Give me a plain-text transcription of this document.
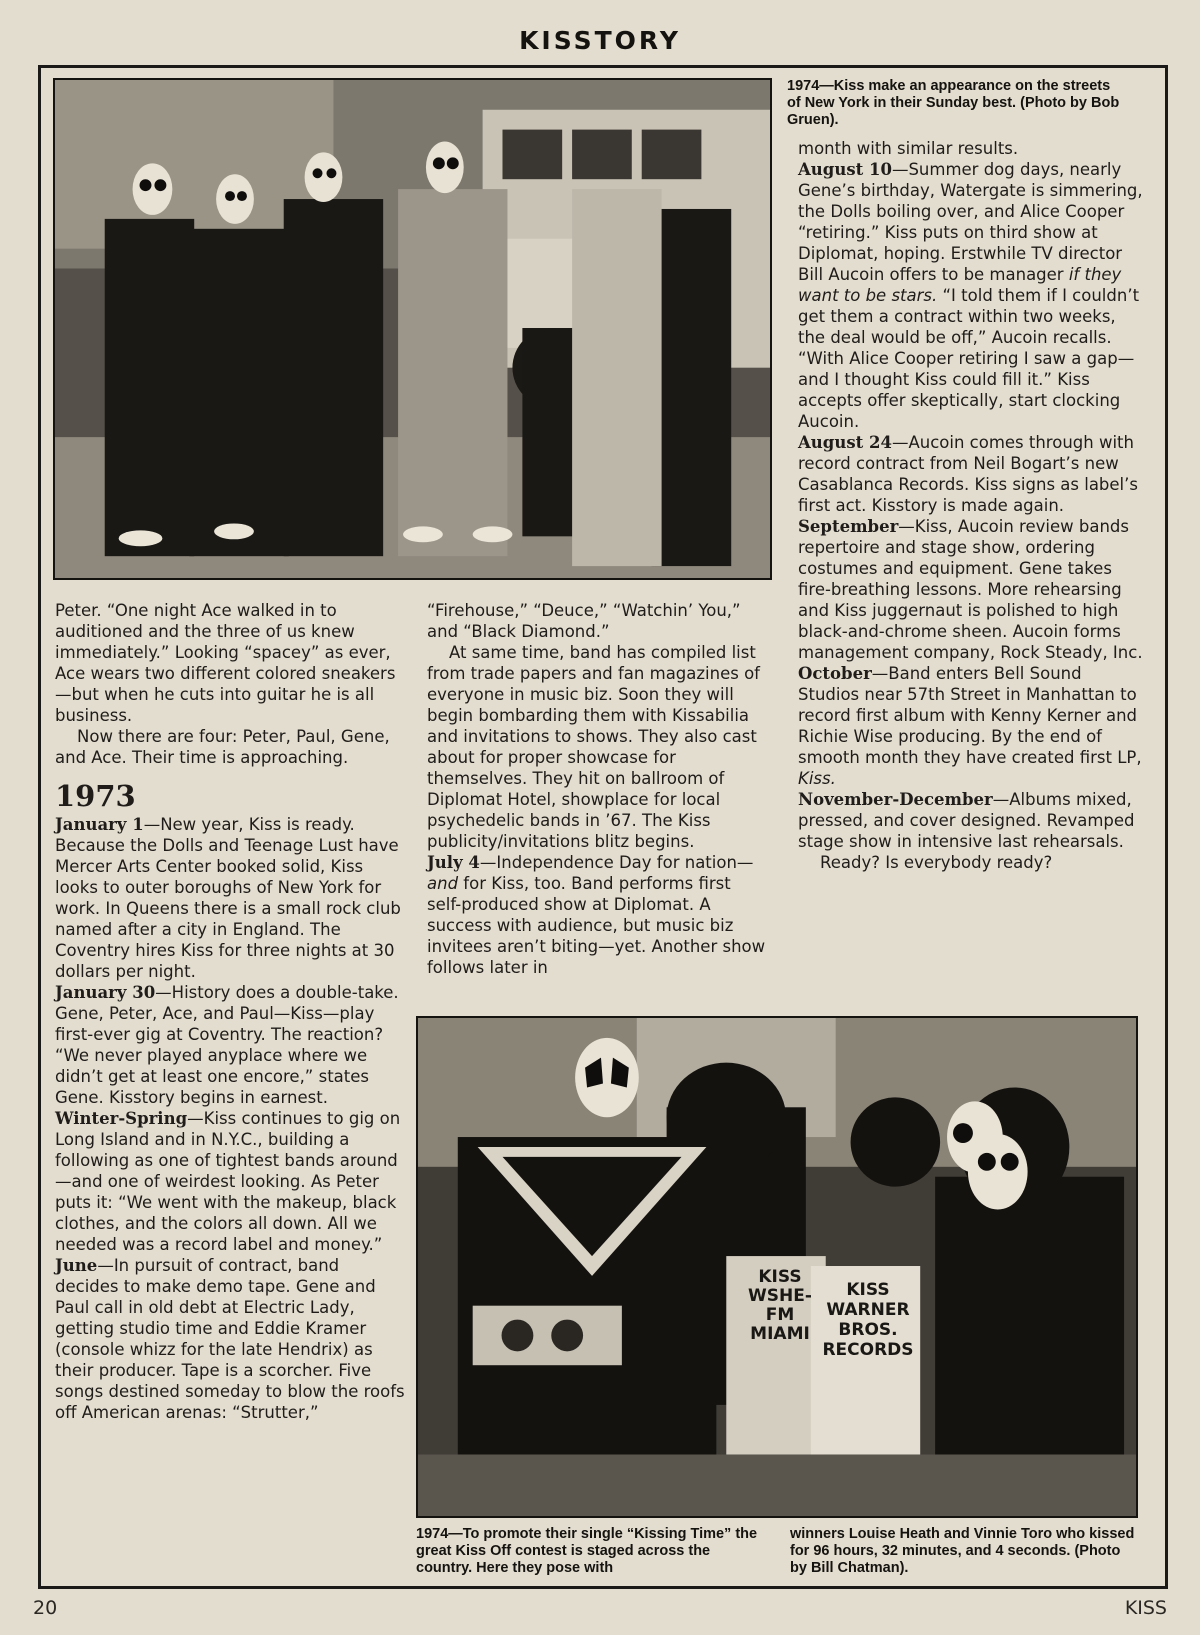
KISSTORY
1974—Kiss make an appearance on the streets of New York in their Sunday best. (Photo by Bob Gruen).

Peter. “One night Ace walked in to auditioned and the three of us knew immediately.” Looking “spacey” as ever, Ace wears two different colored sneakers—but when he cuts into guitar he is all business.

Now there are four: Peter, Paul, Gene, and Ace. Their time is approaching.

1973

January 1—New year, Kiss is ready. Because the Dolls and Teenage Lust have Mercer Arts Center booked solid, Kiss looks to outer boroughs of New York for work. In Queens there is a small rock club named after a city in England. The Coventry hires Kiss for three nights at 30 dollars per night.

January 30—History does a double-take. Gene, Peter, Ace, and Paul—Kiss—play first-ever gig at Coventry. The reaction? “We never played anyplace where we didn’t get at least one encore,” states Gene. Kisstory begins in earnest.

Winter-Spring—Kiss continues to gig on Long Island and in N.Y.C., building a following as one of tightest bands around—and one of weirdest looking. As Peter puts it: “We went with the makeup, black clothes, and the colors all down. All we needed was a record label and money.”

June—In pursuit of contract, band decides to make demo tape. Gene and Paul call in old debt at Electric Lady, getting studio time and Eddie Kramer (console whizz for the late Hendrix) as their producer. Tape is a scorcher. Five songs destined someday to blow the roofs off American arenas: “Strutter,”

“Firehouse,” “Deuce,” “Watchin’ You,” and “Black Diamond.”

At same time, band has compiled list from trade papers and fan magazines of everyone in music biz. Soon they will begin bombarding them with Kissabilia and invitations to shows. They also cast about for proper showcase for themselves. They hit on ballroom of Diplomat Hotel, showplace for local psychedelic bands in ’67. The Kiss publicity/invitations blitz begins.

July 4—Independence Day for nation—and for Kiss, too. Band performs first self-produced show at Diplomat. A success with audience, but music biz invitees aren’t biting—yet. Another show follows later in

month with similar results.

August 10—Summer dog days, nearly Gene’s birthday, Watergate is simmering, the Dolls boiling over, and Alice Cooper “retiring.” Kiss puts on third show at Diplomat, hoping. Erstwhile TV director Bill Aucoin offers to be manager if they want to be stars. “I told them if I couldn’t get them a contract within two weeks, the deal would be off,” Aucoin recalls. “With Alice Cooper retiring I saw a gap—and I thought Kiss could fill it.” Kiss accepts offer skeptically, start clocking Aucoin.

August 24—Aucoin comes through with record contract from Neil Bogart’s new Casablanca Records. Kiss signs as label’s first act. Kisstory is made again.

September—Kiss, Aucoin review bands repertoire and stage show, ordering costumes and equipment. Gene takes fire-breathing lessons. More rehearsing and Kiss juggernaut is polished to high black-and-chrome sheen. Aucoin forms management company, Rock Steady, Inc.

October—Band enters Bell Sound Studios near 57th Street in Manhattan to record first album with Kenny Kerner and Richie Wise producing. By the end of smooth month they have created first LP, Kiss.

November-December—Albums mixed, pressed, and cover designed. Revamped stage show in intensive last rehearsals.

Ready? Is everybody ready?

KISS WSHE-FM MIAMI
KISS WARNER BROS. RECORDS
1974—To promote their single “Kissing Time” the great Kiss Off contest is staged across the country. Here they pose with
winners Louise Heath and Vinnie Toro who kissed for 96 hours, 32 minutes, and 4 seconds. (Photo by Bill Chatman).
20	KISS
